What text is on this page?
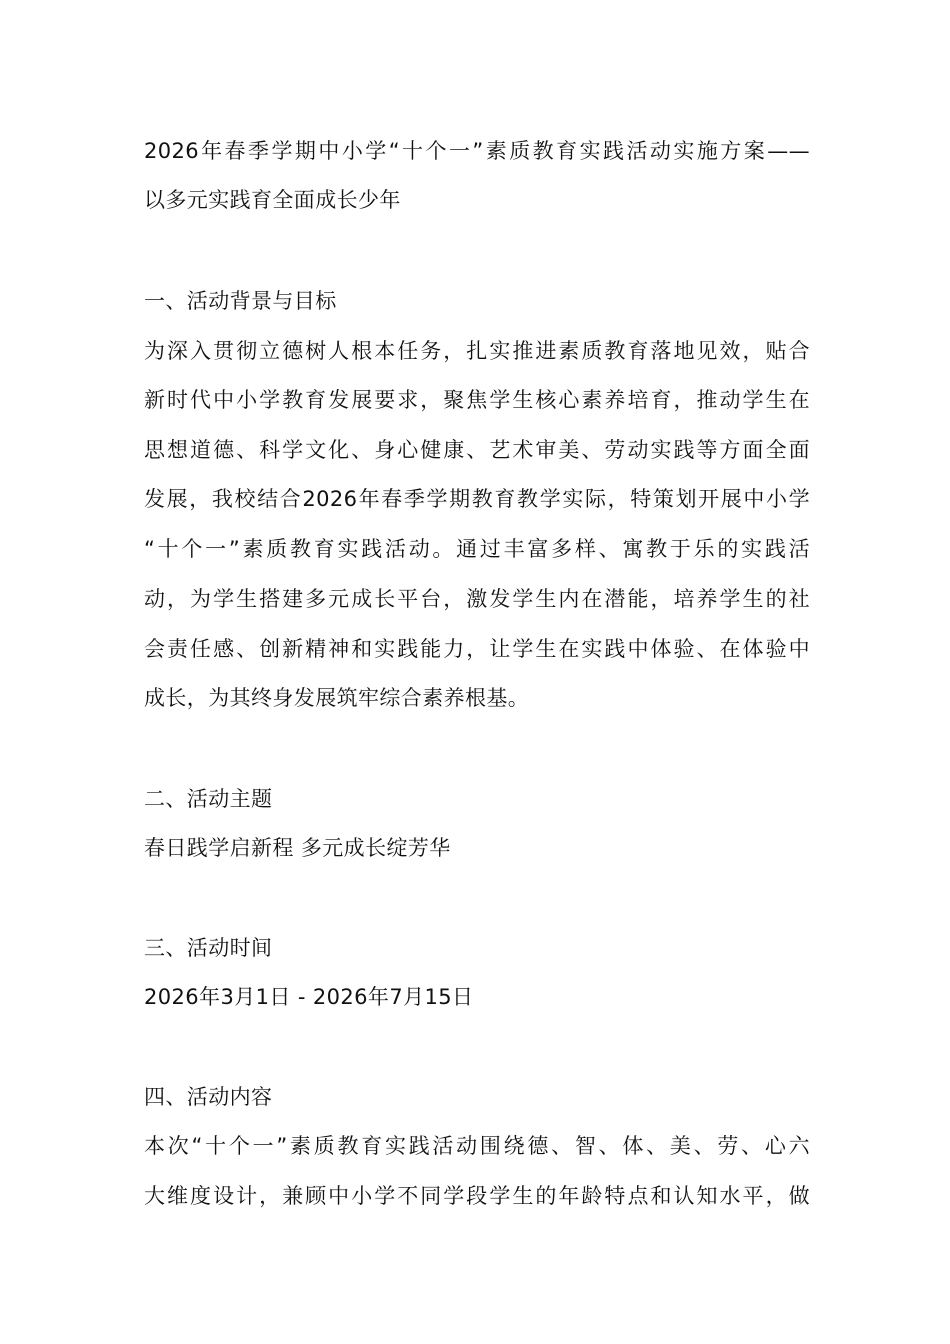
2026年春季学期中小学“十个一”素质教育实践活动实施方案——
以多元实践育全面成长少年
一、活动背景与目标
为深入贯彻立德树人根本任务，扎实推进素质教育落地见效，贴合
新时代中小学教育发展要求，聚焦学生核心素养培育，推动学生在
思想道德、科学文化、身心健康、艺术审美、劳动实践等方面全面
发展，我校结合2026年春季学期教育教学实际，特策划开展中小学
“十个一”素质教育实践活动。通过丰富多样、寓教于乐的实践活
动，为学生搭建多元成长平台，激发学生内在潜能，培养学生的社
会责任感、创新精神和实践能力，让学生在实践中体验、在体验中
成长，为其终身发展筑牢综合素养根基。
二、活动主题
春日践学启新程 多元成长绽芳华
三、活动时间
2026年3月1日 - 2026年7月15日
四、活动内容
本次“十个一”素质教育实践活动围绕德、智、体、美、劳、心六
大维度设计，兼顾中小学不同学段学生的年龄特点和认知水平，做
